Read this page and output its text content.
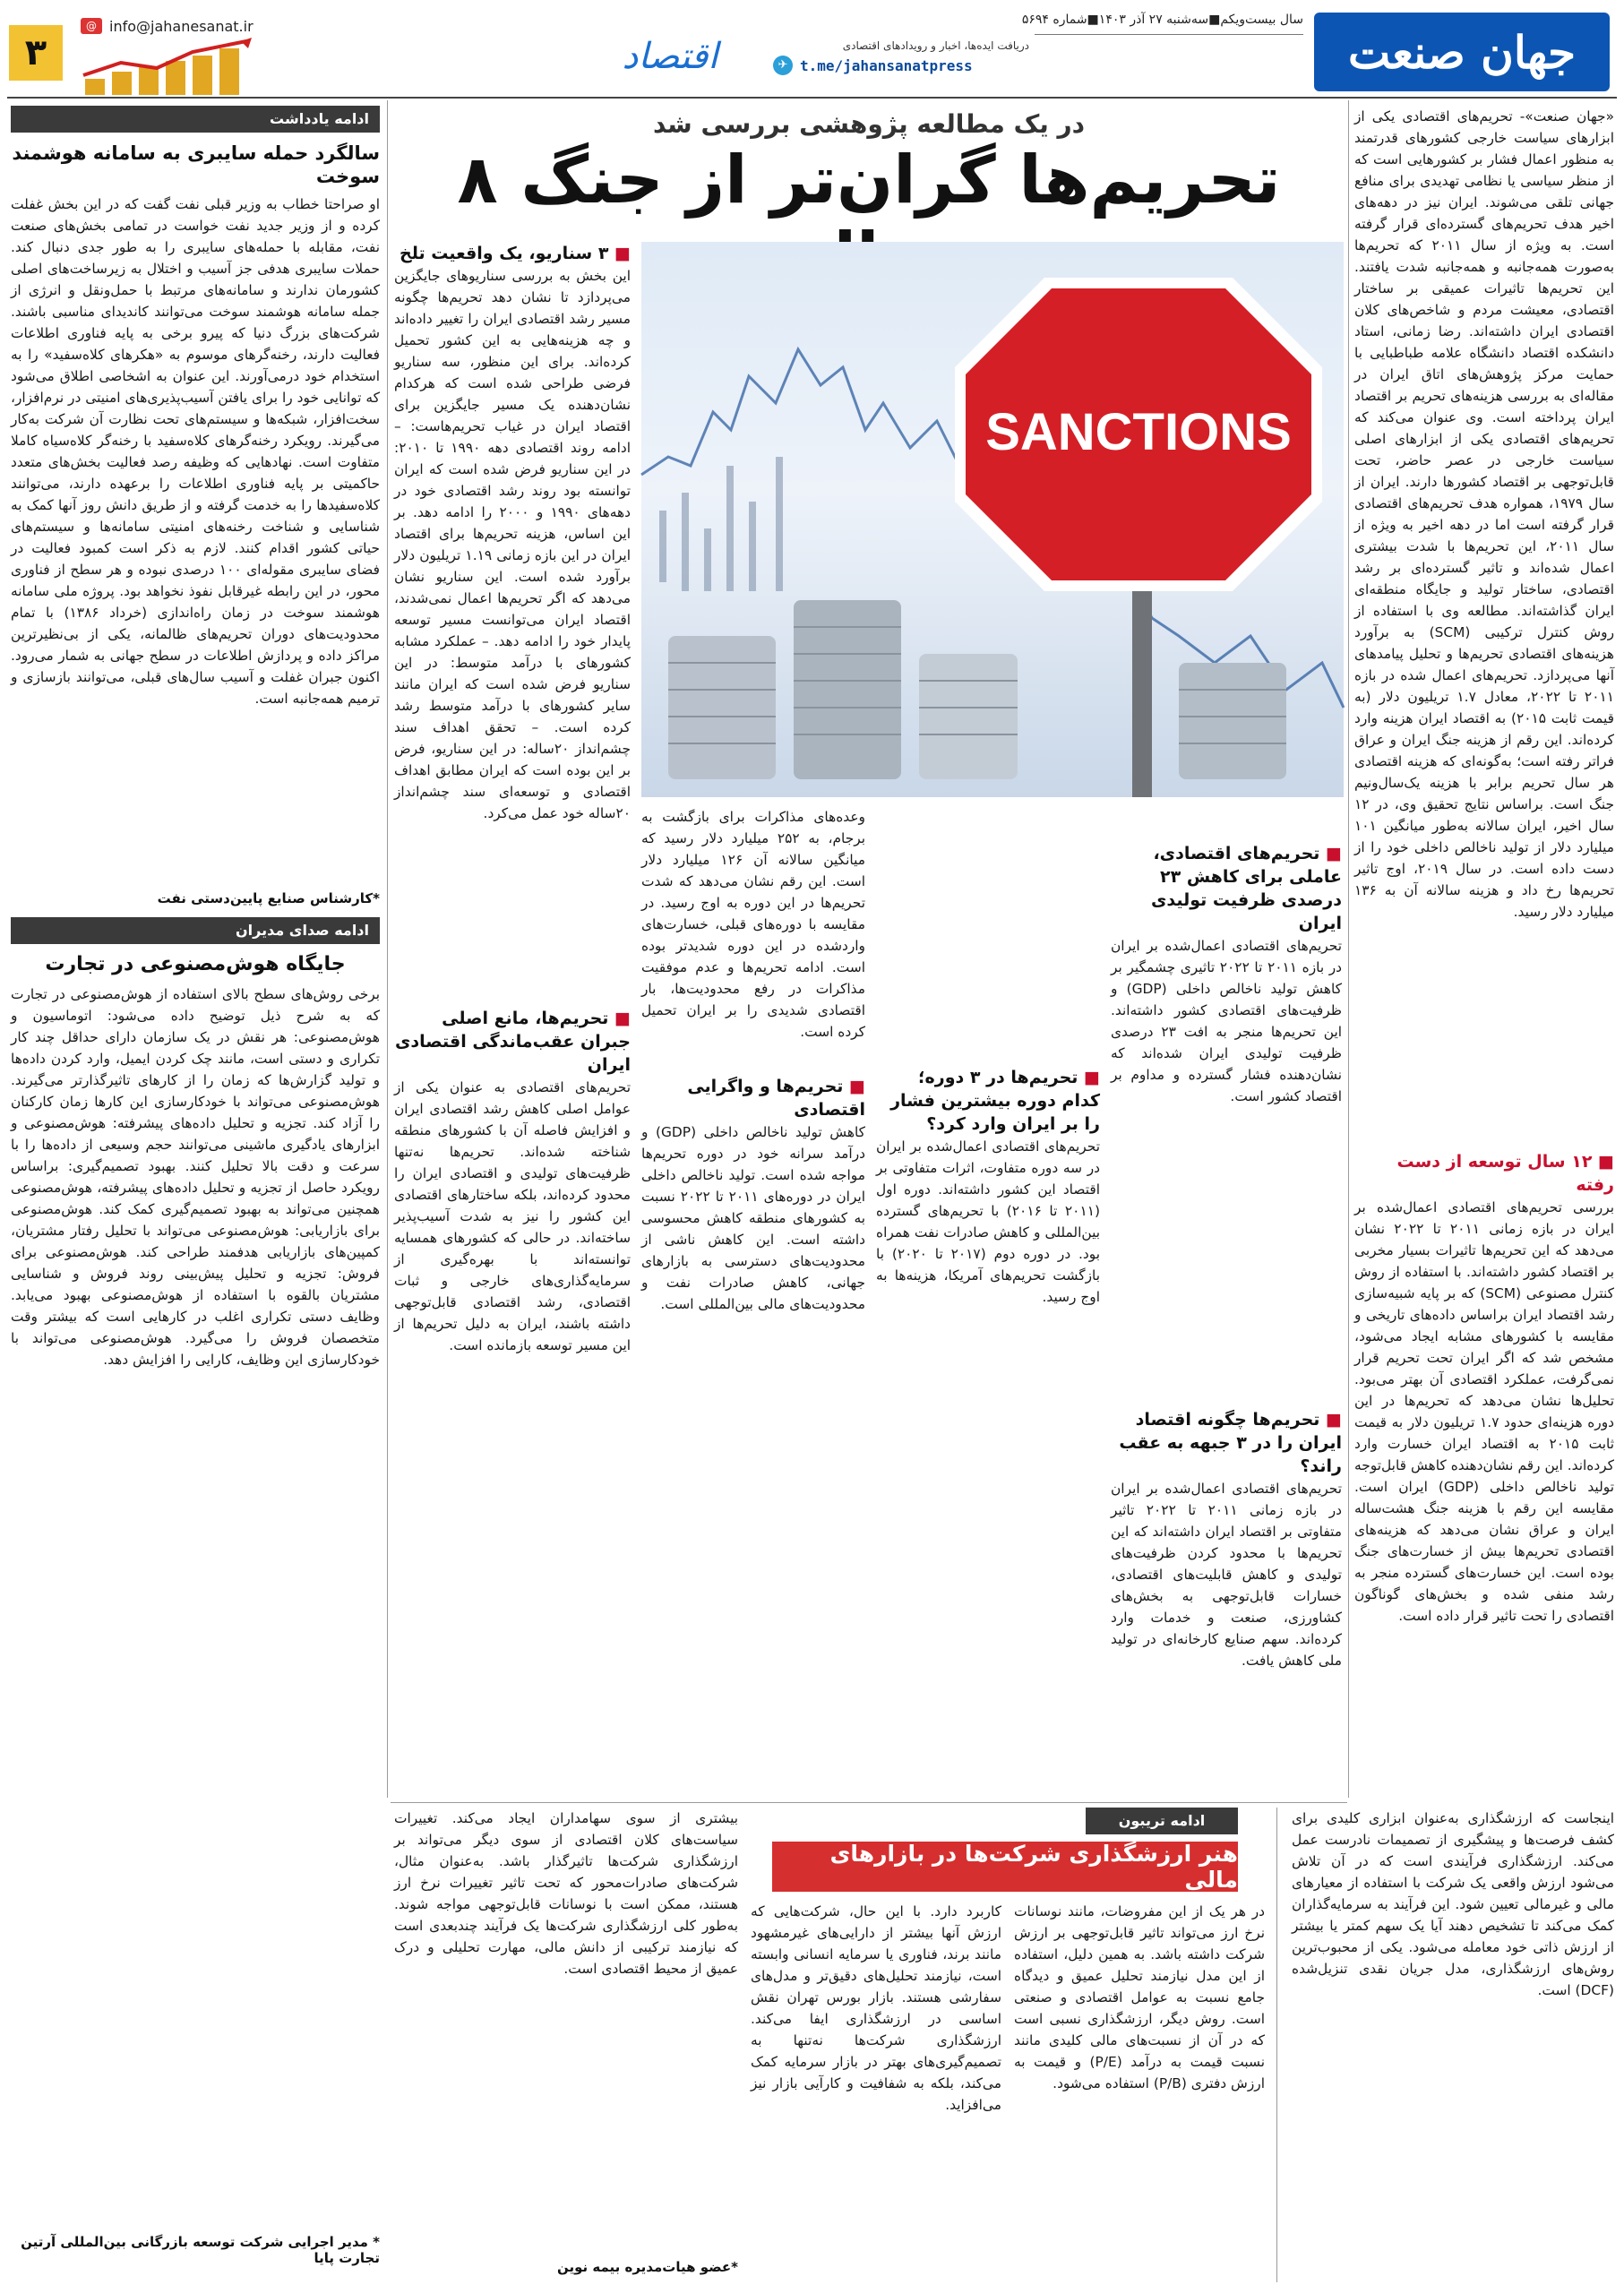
جهان صنعت
سال بیست‌ویکم■سه‌شنبه ۲۷ آذر ۱۴۰۳■شماره ۵۶۹۴
دریافت ایده‌ها، اخبار و رویدادهای اقتصادی
t.me/jahansanatpress
✈
اقتصاد
info@jahanesanat.ir
@
۳
ادامه یادداشت
سالگرد حمله سایبری به سامانه هوشمند سوخت
او صراحتا خطاب به وزیر قبلی نفت گفت که در این بخش غفلت کرده و از وزیر جدید نفت خواست در تمامی بخش‌های صنعت نفت، مقابله با حمله‌های سایبری را به طور جدی دنبال کند. حملات سایبری هدفی جز آسیب و اختلال به زیرساخت‌های اصلی کشورمان ندارند و سامانه‌های مرتبط با حمل‌ونقل و انرژی از جمله سامانه هوشمند سوخت می‌توانند کاندیدای مناسبی باشند. شرکت‌های بزرگ دنیا که پیرو برخی به پایه فناوری اطلاعات فعالیت دارند، رخنه‌گرهای موسوم به «هکرهای کلاه‌سفید» را به استخدام خود درمی‌آورند. این عنوان به اشخاصی اطلاق می‌شود که توانایی خود را برای یافتن آسیب‌پذیری‌های امنیتی در نرم‌افزار، سخت‌افزار، شبکه‌ها و سیستم‌های تحت نظارت آن شرکت به‌کار می‌گیرند. رویکرد رخنه‌گرهای کلاه‌سفید با رخنه‌گر کلاه‌سیاه کاملا متفاوت است. نهادهایی که وظیفه رصد فعالیت بخش‌های متعدد حاکمیتی بر پایه فناوری اطلاعات را برعهده دارند، می‌توانند کلاه‌سفیدها را به خدمت گرفته و از طریق دانش روز آنها کمک به شناسایی و شناخت رخنه‌های امنیتی سامانه‌ها و سیستم‌های حیاتی کشور اقدام کنند. لازم به ذکر است کمبود فعالیت در فضای سایبری مقوله‌ای ۱۰۰ درصدی نبوده و هر سطح از فناوری محور، در این رابطه غیرقابل نفوذ نخواهد بود. پروژه ملی سامانه هوشمند سوخت در زمان راه‌اندازی (خرداد ۱۳۸۶) با تمام محدودیت‌های دوران تحریم‌های ظالمانه، یکی از بی‌نظیرترین مراکز داده و پردازش اطلاعات در سطح جهانی به شمار می‌رود. اکنون جبران غفلت و آسیب سال‌های قبلی، می‌توانند بازسازی و ترمیم همه‌جانبه است.
*کارشناس صنایع پایین‌دستی نفت
ادامه صدای مدیران
جایگاه هوش‌مصنوعی در تجارت
برخی روش‌های سطح بالای استفاده از هوش‌مصنوعی در تجارت که به شرح ذیل توضیح داده می‌شود: اتوماسیون و هوش‌مصنوعی: هر نقش در یک سازمان دارای حداقل چند کار تکراری و دستی است، مانند چک کردن ایمیل، وارد کردن داده‌ها و تولید گزارش‌ها که زمان را از کارهای تاثیرگذارتر می‌گیرند. هوش‌مصنوعی می‌تواند با خودکارسازی این کارها زمان کارکنان را آزاد کند. تجزیه و تحلیل داده‌های پیشرفته: هوش‌مصنوعی و ابزارهای یادگیری ماشینی می‌توانند حجم وسیعی از داده‌ها را با سرعت و دقت بالا تحلیل کنند. بهبود تصمیم‌گیری: براساس رویکرد حاصل از تجزیه و تحلیل داده‌های پیشرفته، هوش‌مصنوعی همچنین می‌تواند به بهبود تصمیم‌گیری کمک کند. هوش‌مصنوعی برای بازاریابی: هوش‌مصنوعی می‌تواند با تحلیل رفتار مشتریان، کمپین‌های بازاریابی هدفمند طراحی کند. هوش‌مصنوعی برای فروش: تجزیه و تحلیل پیش‌بینی روند فروش و شناسایی مشتریان بالقوه با استفاده از هوش‌مصنوعی بهبود می‌یابد. وظایف دستی تکراری اغلب در کارهایی است که بیشتر وقت متخصصان فروش را می‌گیرد. هوش‌مصنوعی می‌تواند با خودکارسازی این وظایف، کارایی را افزایش دهد.
* مدیر اجرایی شرکت توسعه بازرگانی بین‌المللی آرتین تجارت پایا
در یک مطالعه پژوهشی بررسی شد
تحریم‌ها گران‌تر از جنگ ۸
«جهان صنعت»- تحریم‌های اقتصادی یکی از ابزارهای سیاست خارجی کشورهای قدرتمند به منظور اعمال فشار بر کشورهایی است که از منظر سیاسی یا نظامی تهدیدی برای منافع جهانی تلقی می‌شوند. ایران نیز در دهه‌های اخیر هدف تحریم‌های گسترده‌ای قرار گرفته است. به ویژه از سال ۲۰۱۱ که تحریم‌ها به‌صورت همه‌جانبه و همه‌جانبه شدت یافتند. این تحریم‌ها تاثیرات عمیقی بر ساختار اقتصادی، معیشت مردم و شاخص‌های کلان اقتصادی ایران داشته‌اند. رضا زمانی، استاد دانشکده اقتصاد دانشگاه علامه طباطبایی با حمایت مرکز پژوهش‌های اتاق ایران در مقاله‌ای به بررسی هزینه‌های تحریم بر اقتصاد ایران پرداخته است. وی عنوان می‌کند که تحریم‌های اقتصادی یکی از ابزارهای اصلی سیاست خارجی در عصر حاضر، تحت قابل‌توجهی بر اقتصاد کشورها دارند. ایران از سال ۱۹۷۹، همواره هدف تحریم‌های اقتصادی قرار گرفته است اما در دهه اخیر به ویژه از سال ۲۰۱۱، این تحریم‌ها با شدت بیشتری اعمال شده‌اند و تاثیر گسترده‌ای بر رشد اقتصادی، ساختار تولید و جایگاه منطقه‌ای ایران گذاشته‌اند. مطالعه وی با استفاده از روش کنترل ترکیبی (SCM) به برآورد هزینه‌های اقتصادی تحریم‌ها و تحلیل پیامدهای آنها می‌پردازد. تحریم‌های اعمال شده در بازه ۲۰۱۱ تا ۲۰۲۲، معادل ۱.۷ تریلیون دلار (به قیمت ثابت ۲۰۱۵) به اقتصاد ایران هزینه وارد کرده‌اند. این رقم از هزینه جنگ ایران و عراق فراتر رفته است؛ به‌گونه‌ای که هزینه اقتصادی هر سال تحریم برابر با هزینه یک‌سال‌ونیم جنگ است. براساس نتایج تحقیق وی، در ۱۲ سال اخیر، ایران سالانه به‌طور میانگین ۱۰۱ میلیارد دلار از تولید ناخالص داخلی خود را از دست داده است. در سال ۲۰۱۹، اوج تاثیر تحریم‌ها رخ داد و هزینه سالانه آن به ۱۳۶ میلیارد دلار رسید.
■ ۱۲ سال توسعه از دست رفته
بررسی تحریم‌های اقتصادی اعمال‌شده بر ایران در بازه زمانی ۲۰۱۱ تا ۲۰۲۲ نشان می‌دهد که این تحریم‌ها تاثیرات بسیار مخربی بر اقتصاد کشور داشته‌اند. با استفاده از روش کنترل مصنوعی (SCM) که بر پایه شبیه‌سازی رشد اقتصاد ایران براساس داده‌های تاریخی و مقایسه با کشورهای مشابه ایجاد می‌شود، مشخص شد که اگر ایران تحت تحریم قرار نمی‌گرفت، عملکرد اقتصادی آن بهتر می‌بود. تحلیل‌ها نشان می‌دهد که تحریم‌ها در این دوره هزینه‌ای حدود ۱.۷ تریلیون دلار به قیمت ثابت ۲۰۱۵ به اقتصاد ایران خسارت وارد کرده‌اند. این رقم نشان‌دهنده کاهش قابل‌توجه تولید ناخالص داخلی (GDP) ایران است. مقایسه این رقم با هزینه جنگ هشت‌ساله ایران و عراق نشان می‌دهد که هزینه‌های اقتصادی تحریم‌ها بیش از خسارت‌های جنگ بوده است. این خسارت‌های گسترده منجر به رشد منفی شده و بخش‌های گوناگون اقتصادی را تحت تاثیر قرار داده است.
■ ۳ سناریو، یک واقعیت تلخ
این بخش به بررسی سناریوهای جایگزین می‌پردازد تا نشان دهد تحریم‌ها چگونه مسیر رشد اقتصادی ایران را تغییر داده‌اند و چه هزینه‌هایی به این کشور تحمیل کرده‌اند. برای این منظور، سه سناریو فرضی طراحی شده است که هرکدام نشان‌دهنده یک مسیر جایگزین برای اقتصاد ایران در غیاب تحریم‌هاست: – ادامه روند اقتصادی دهه ۱۹۹۰ تا ۲۰۱۰: در این سناریو فرض شده است که ایران توانسته بود روند رشد اقتصادی خود در دهه‌های ۱۹۹۰ و ۲۰۰۰ را ادامه دهد. بر این اساس، هزینه تحریم‌ها برای اقتصاد ایران در این بازه زمانی ۱.۱۹ تریلیون دلار برآورد شده است. این سناریو نشان می‌دهد که اگر تحریم‌ها اعمال نمی‌شدند، اقتصاد ایران می‌توانست مسیر توسعه پایدار خود را ادامه دهد. – عملکرد مشابه کشورهای با درآمد متوسط: در این سناریو فرض شده است که ایران مانند سایر کشورهای با درآمد متوسط رشد کرده است. – تحقق اهداف سند چشم‌انداز ۲۰ساله: در این سناریو، فرض بر این بوده است که ایران مطابق اهداف اقتصادی و توسعه‌ای سند چشم‌انداز ۲۰ساله خود عمل می‌کرد.
■ تحریم‌ها، مانع اصلی جبران عقب‌ماندگی اقتصادی ایران
تحریم‌های اقتصادی به عنوان یکی از عوامل اصلی کاهش رشد اقتصادی ایران و افزایش فاصله آن با کشورهای منطقه شناخته شده‌اند. تحریم‌ها نه‌تنها ظرفیت‌های تولیدی و اقتصادی ایران را محدود کرده‌اند، بلکه ساختارهای اقتصادی این کشور را نیز به شدت آسیب‌پذیر ساخته‌اند. در حالی که کشورهای همسایه توانسته‌اند با بهره‌گیری از سرمایه‌گذاری‌های خارجی و ثبات اقتصادی، رشد اقتصادی قابل‌توجهی داشته باشند، ایران به دلیل تحریم‌ها از این مسیر توسعه بازمانده است.
SANCTIONS
وعده‌های مذاکرات برای بازگشت به برجام، به ۲۵۲ میلیارد دلار رسید که میانگین سالانه آن ۱۲۶ میلیارد دلار است. این رقم نشان می‌دهد که شدت تحریم‌ها در این دوره به اوج رسید. در مقایسه با دوره‌های قبلی، خسارت‌های واردشده در این دوره شدیدتر بوده است. ادامه تحریم‌ها و عدم موفقیت مذاکرات در رفع محدودیت‌ها، بار اقتصادی شدیدی را بر ایران تحمیل کرده است.
■ تحریم‌ها و واگرایی اقتصادی
کاهش تولید ناخالص داخلی (GDP) و درآمد سرانه خود در دوره تحریم‌ها مواجه شده است. تولید ناخالص داخلی ایران در دوره‌های ۲۰۱۱ تا ۲۰۲۲ نسبت به کشورهای منطقه کاهش محسوسی داشته است. این کاهش ناشی از محدودیت‌های دسترسی به بازارهای جهانی، کاهش صادرات نفت و محدودیت‌های مالی بین‌المللی است.
■ تحریم‌ها در ۳ دوره؛ کدام دوره بیشترین فشار را بر ایران وارد کرد؟
تحریم‌های اقتصادی اعمال‌شده بر ایران در سه دوره متفاوت، اثرات متفاوتی بر اقتصاد این کشور داشته‌اند. دوره اول (۲۰۱۱ تا ۲۰۱۶) با تحریم‌های گسترده بین‌المللی و کاهش صادرات نفت همراه بود. در دوره دوم (۲۰۱۷ تا ۲۰۲۰) با بازگشت تحریم‌های آمریکا، هزینه‌ها به اوج رسید.
■ تحریم‌های اقتصادی، عاملی برای کاهش ۲۳ درصدی ظرفیت تولیدی ایران
تحریم‌های اقتصادی اعمال‌شده بر ایران در بازه ۲۰۱۱ تا ۲۰۲۲ تاثیری چشمگیر بر کاهش تولید ناخالص داخلی (GDP) و ظرفیت‌های اقتصادی کشور داشته‌اند. این تحریم‌ها منجر به افت ۲۳ درصدی ظرفیت تولیدی ایران شده‌اند که نشان‌دهنده فشار گسترده و مداوم بر اقتصاد کشور است.
■ تحریم‌ها چگونه اقتصاد ایران را در ۳ جبهه به عقب راند؟
تحریم‌های اقتصادی اعمال‌شده بر ایران در بازه زمانی ۲۰۱۱ تا ۲۰۲۲ تاثیر متفاوتی بر اقتصاد ایران داشته‌اند که این تحریم‌ها با محدود کردن ظرفیت‌های تولیدی و کاهش قابلیت‌های اقتصادی، خسارات قابل‌توجهی به بخش‌های کشاورزی، صنعت و خدمات وارد کرده‌اند. سهم صنایع کارخانه‌ای در تولید ملی کاهش یافت.
ادامه تریبون
هنر ارزشگذاری شرکت‌ها در بازارهای مالی
اینجاست که ارزشگذاری به‌عنوان ابزاری کلیدی برای کشف فرصت‌ها و پیشگیری از تصمیمات نادرست عمل می‌کند. ارزشگذاری فرآیندی است که در آن تلاش می‌شود ارزش واقعی یک شرکت با استفاده از معیارهای مالی و غیرمالی تعیین شود. این فرآیند به سرمایه‌گذاران کمک می‌کند تا تشخیص دهند آیا یک سهم کمتر یا بیشتر از ارزش ذاتی خود معامله می‌شود. یکی از محبوب‌ترین روش‌های ارزشگذاری، مدل جریان نقدی تنزیل‌شده (DCF) است.
در هر یک از این مفروضات، مانند نوسانات نرخ ارز می‌تواند تاثیر قابل‌توجهی بر ارزش شرکت داشته باشد. به همین دلیل، استفاده از این مدل نیازمند تحلیل عمیق و دیدگاه جامع نسبت به عوامل اقتصادی و صنعتی است. روش دیگر، ارزشگذاری نسبی است که در آن از نسبت‌های مالی کلیدی مانند نسبت قیمت به درآمد (P/E) و قیمت به ارزش دفتری (P/B) استفاده می‌شود.
کاربرد دارد. با این حال، شرکت‌هایی که ارزش آنها بیشتر از دارایی‌های غیرمشهود مانند برند، فناوری یا سرمایه انسانی وابسته است، نیازمند تحلیل‌های دقیق‌تر و مدل‌های سفارشی هستند. بازار بورس تهران نقش اساسی در ارزشگذاری ایفا می‌کند. ارزشگذاری شرکت‌ها نه‌تنها به تصمیم‌گیری‌های بهتر در بازار سرمایه کمک می‌کند، بلکه به شفافیت و کارآیی بازار نیز می‌افزاید.
بیشتری از سوی سهامداران ایجاد می‌کند. تغییرات سیاست‌های کلان اقتصادی از سوی دیگر می‌تواند بر ارزشگذاری شرکت‌ها تاثیرگذار باشد. به‌عنوان مثال، شرکت‌های صادرات‌محور که تحت تاثیر تغییرات نرخ ارز هستند، ممکن است با نوسانات قابل‌توجهی مواجه شوند. به‌طور کلی ارزشگذاری شرکت‌ها یک فرآیند چندبعدی است که نیازمند ترکیبی از دانش مالی، مهارت تحلیلی و درک عمیق از محیط اقتصادی است.
*عضو هیات‌مدیره بیمه نوین
